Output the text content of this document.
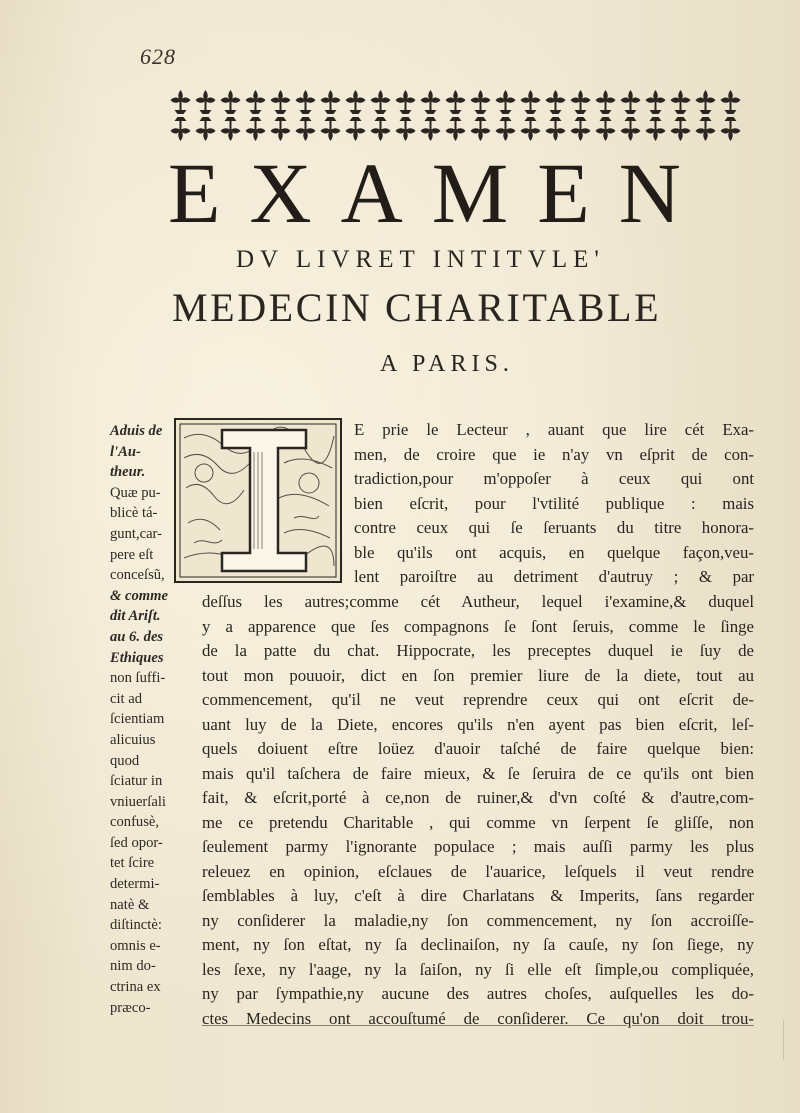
628
EXAMEN
DV LIVRET INTITVLE'
MEDECIN CHARITABLE
A PARIS.
Aduis de
l'Au-
theur.
Quæ pu-
blicè tá-
gunt,car-
pere eſt
conceſsũ,
& comme
dit Ariſt.
au 6. des
Ethiques
non ſuffi-
cit ad
ſcientiam
alicuius
quod
ſciatur in
vniuerſali
confusè,
ſed opor-
tet ſcire
determi-
natè &
diſtinctè:
omnis e-
nim do-
ctrina ex
præco-
E prie le Lecteur , auant que lire cét Exa-
men, de croire que ie n'ay vn eſprit de con-
tradiction,pour m'oppoſer à ceux qui ont
bien eſcrit, pour l'vtilité publique : mais
contre ceux qui ſe ſeruants du titre honora-
ble qu'ils ont acquis, en quelque façon,veu-
lent paroiſtre au detriment d'autruy ; & par
deſſus les autres;comme cét Autheur, lequel i'examine,& duquel
y a apparence que ſes compagnons ſe ſont ſeruis, comme le ſinge
de la patte du chat. Hippocrate, les preceptes duquel ie ſuy de
tout mon pouuoir, dict en ſon premier liure de la diete, tout au
commencement, qu'il ne veut reprendre ceux qui ont eſcrit de-
uant luy de la Diete, encores qu'ils n'en ayent pas bien eſcrit, leſ-
quels doiuent eſtre loüez d'auoir taſché de faire quelque bien:
mais qu'il taſchera de faire mieux, & ſe ſeruira de ce qu'ils ont bien
fait, & eſcrit,porté à ce,non de ruiner,& d'vn coſté & d'autre,com-
me ce pretendu Charitable , qui comme vn ſerpent ſe gliſſe, non
ſeulement parmy l'ignorante populace ; mais auſſi parmy les plus
releuez en opinion, eſclaues de l'auarice, leſquels il veut rendre
ſemblables à luy, c'eſt à dire Charlatans & Imperits, ſans regarder
ny conſiderer la maladie,ny ſon commencement, ny ſon accroiſſe-
ment, ny ſon eſtat, ny ſa declinaiſon, ny ſa cauſe, ny ſon ſiege, ny
les ſexe, ny l'aage, ny la ſaiſon, ny ſi elle eſt ſimple,ou compliquée,
ny par ſympathie,ny aucune des autres choſes, auſquelles les do-
ctes Medecins ont accouſtumé de conſiderer. Ce qu'on doit trou-
